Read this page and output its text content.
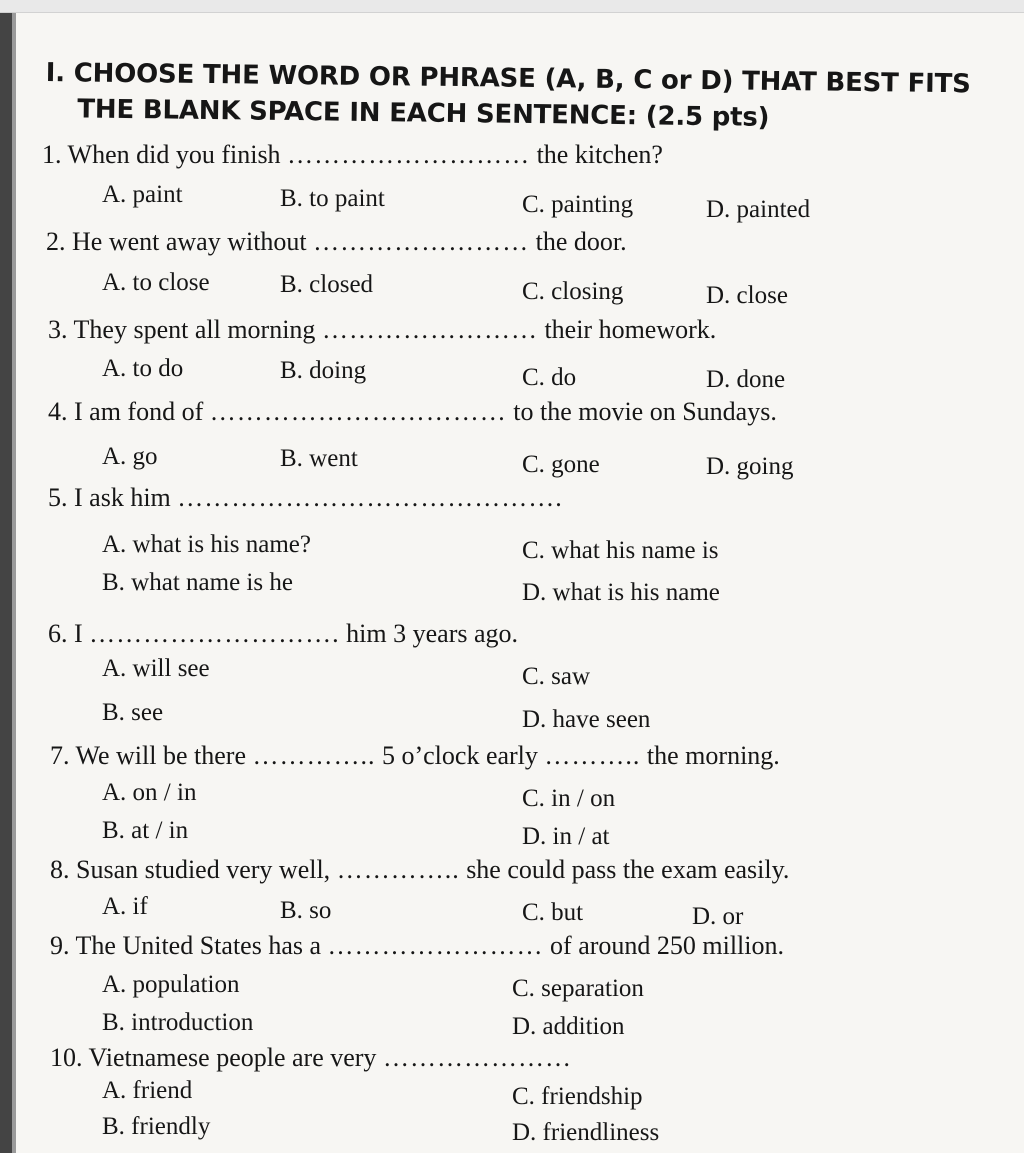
I. CHOOSE THE WORD OR PHRASE (A, B, C or D) THAT BEST FITS
THE BLANK SPACE IN EACH SENTENCE: (2.5 pts)
1. When did you finish ……………………… the kitchen?
A. paint	B. to paint	C. painting	D. painted
2. He went away without …………………… the door.
A. to close	B. closed	C. closing	D. close
3. They spent all morning …………………… their homework.
A. to do	B. doing	C. do	D. done
4. I am fond of …………………………… to the movie on Sundays.
A. go	B. went	C. gone	D. going
5. I ask him …………………………………….
A. what is his name?	C. what his name is
B. what name is he	D. what is his name
6. I ………………………. him 3 years ago.
A. will see	C. saw
B. see	D. have seen
7. We will be there ………….. 5 o’clock early ……….. the morning.
A. on / in	C. in / on
B. at / in	D. in / at
8. Susan studied very well, ………….. she could pass the exam easily.
A. if	B. so	C. but	D. or
9. The United States has a …………………… of around 250 million.
A. population	C. separation
B. introduction	D. addition
10. Vietnamese people are very …………………
A. friend	C. friendship
B. friendly	D. friendliness
